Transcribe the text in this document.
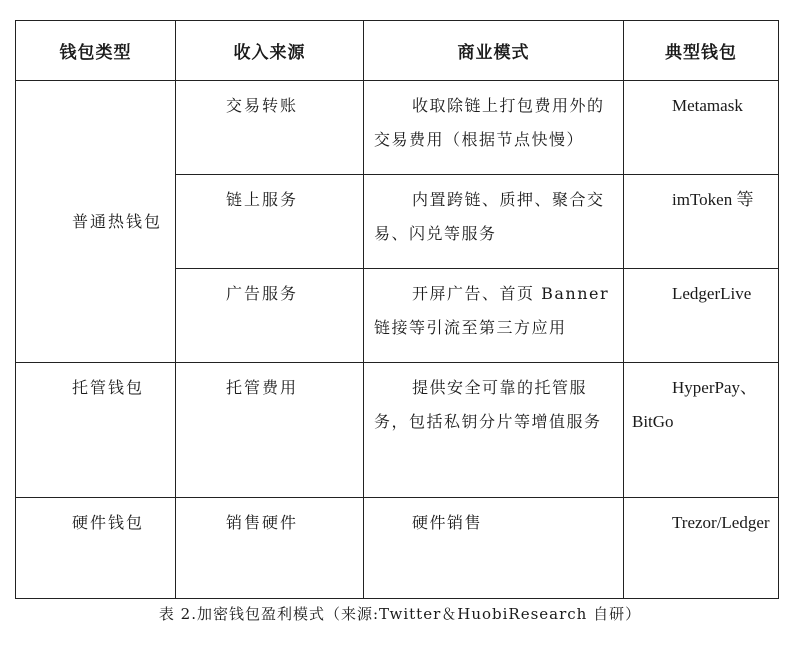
钱包类型	收入来源	商业模式	典型钱包

普通热钱包	交易转账	收取除链上打包费用外的交易费用（根据节点快慢）	Metamask

	链上服务	内置跨链、质押、聚合交易、闪兑等服务	imToken 等

	广告服务	开屏广告、首页 Banner 链接等引流至第三方应用	LedgerLive

托管钱包	托管费用	提供安全可靠的托管服务，包括私钥分片等增值服务	HyperPay、BitGo

硬件钱包	销售硬件	硬件销售	Trezor/Ledger
表 2.加密钱包盈利模式（来源:Twitter＆HuobiResearch 自研）
